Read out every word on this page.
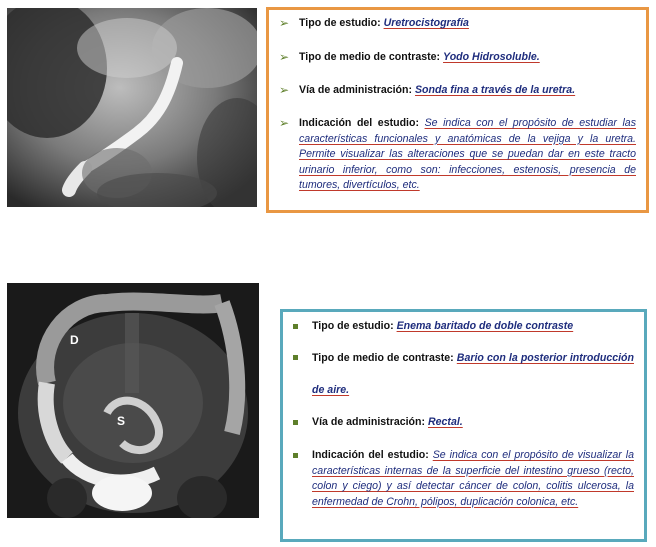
➢ Tipo de estudio: Uretrocistografía
➢ Tipo de medio de contraste: Yodo Hidrosoluble.
➢ Vía de administración: Sonda fina a través de la uretra.
➢ Indicación del estudio: Se indica con el propósito de estudiar las características funcionales y anatómicas de la vejiga y la uretra. Permite visualizar las alteraciones que se puedan dar en este tracto urinario inferior, como son: infecciones, estenosis, presencia de tumores, divertículos, etc.
D
S
Tipo de estudio: Enema baritado de doble contraste
Tipo de medio de contraste: Bario con la posterior introducción de aire.
Vía de administración: Rectal.
Indicación del estudio: Se indica con el propósito de visualizar la características internas de la superficie del intestino grueso (recto, colon y ciego) y así detectar cáncer de colon, colitis ulcerosa, la enfermedad de Crohn, pólipos, duplicación colonica, etc.
